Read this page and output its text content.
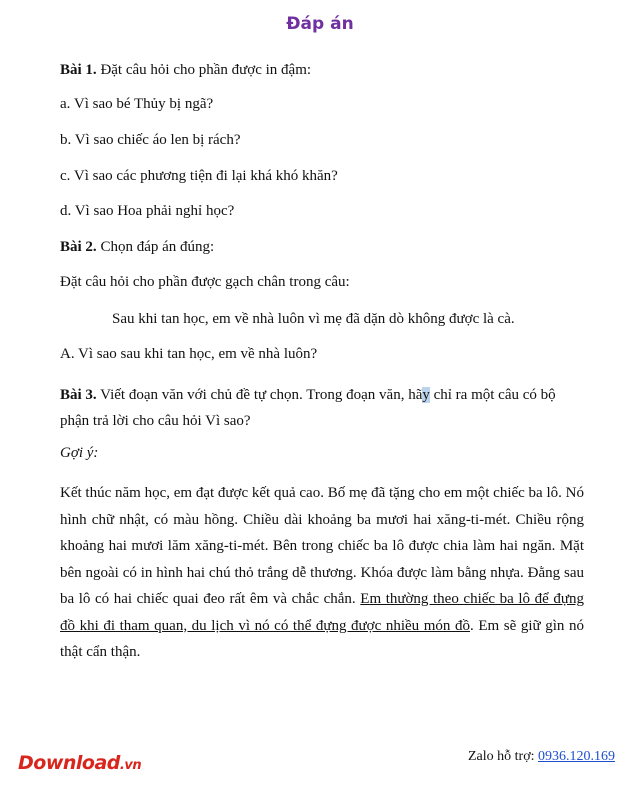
Đáp án

Bài 1. Đặt câu hỏi cho phần được in đậm:

a. Vì sao bé Thủy bị ngã?

b. Vì sao chiếc áo len bị rách?

c. Vì sao các phương tiện đi lại khá khó khăn?

d. Vì sao Hoa phải nghỉ học?

Bài 2. Chọn đáp án đúng:

Đặt câu hỏi cho phần được gạch chân trong câu:

Sau khi tan học, em về nhà luôn vì mẹ đã dặn dò không được là cà.

A. Vì sao sau khi tan học, em về nhà luôn?

Bài 3. Viết đoạn văn với chủ đề tự chọn. Trong đoạn văn, hãy chỉ ra một câu có bộ phận trả lời cho câu hỏi Vì sao?

Gợi ý:

Kết thúc năm học, em đạt được kết quả cao. Bố mẹ đã tặng cho em một chiếc ba lô. Nó hình chữ nhật, có màu hồng. Chiều dài khoảng ba mươi hai xăng-ti-mét. Chiều rộng khoảng hai mươi lăm xăng-ti-mét. Bên trong chiếc ba lô được chia làm hai ngăn. Mặt bên ngoài có in hình hai chú thỏ trắng dễ thương. Khóa được làm bằng nhựa. Đằng sau ba lô có hai chiếc quai đeo rất êm và chắc chắn. Em thường theo chiếc ba lô để đựng đồ khi đi tham quan, du lịch vì nó có thể đựng được nhiều món đồ. Em sẽ giữ gìn nó thật cẩn thận.

Download.vn
Zalo hỗ trợ: 0936.120.169
